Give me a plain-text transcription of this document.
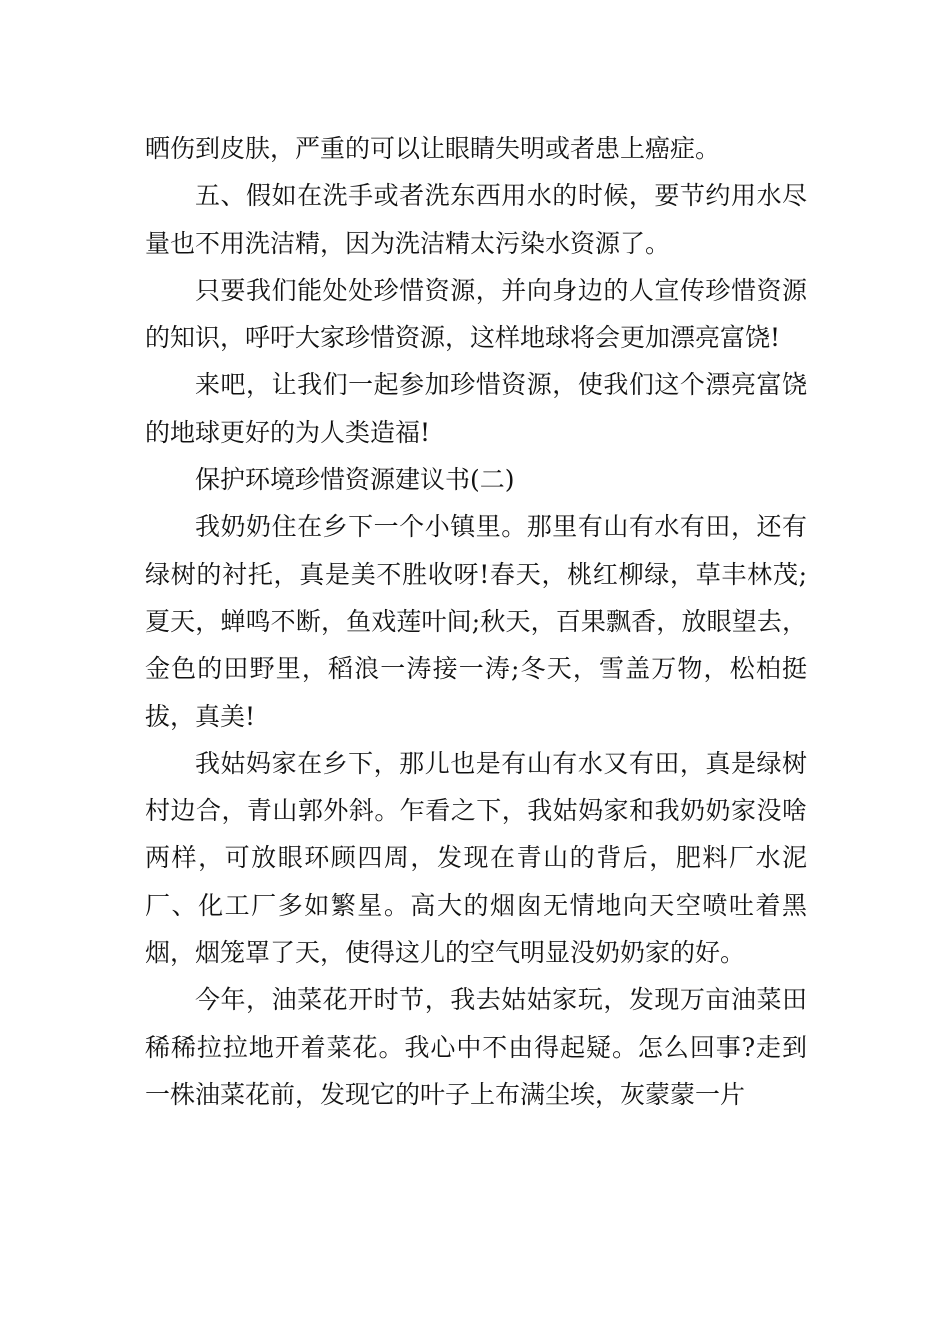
晒伤到皮肤，严重的可以让眼睛失明或者患上癌症。

五、假如在洗手或者洗东西用水的时候，要节约用水尽量也不用洗洁精，因为洗洁精太污染水资源了。

只要我们能处处珍惜资源，并向身边的人宣传珍惜资源的知识，呼吁大家珍惜资源，这样地球将会更加漂亮富饶!

来吧，让我们一起参加珍惜资源，使我们这个漂亮富饶的地球更好的为人类造福!

保护环境珍惜资源建议书(二)

我奶奶住在乡下一个小镇里。那里有山有水有田，还有绿树的衬托，真是美不胜收呀!春天，桃红柳绿，草丰林茂;夏天，蝉鸣不断，鱼戏莲叶间;秋天，百果飘香，放眼望去，金色的田野里，稻浪一涛接一涛;冬天，雪盖万物，松柏挺拔，真美!

我姑妈家在乡下，那儿也是有山有水又有田，真是绿树村边合，青山郭外斜。乍看之下，我姑妈家和我奶奶家没啥两样，可放眼环顾四周，发现在青山的背后，肥料厂水泥厂、化工厂多如繁星。高大的烟囱无情地向天空喷吐着黑烟，烟笼罩了天，使得这儿的空气明显没奶奶家的好。

今年，油菜花开时节，我去姑姑家玩，发现万亩油菜田稀稀拉拉地开着菜花。我心中不由得起疑。怎么回事?走到一株油菜花前，发现它的叶子上布满尘埃，灰蒙蒙一片
